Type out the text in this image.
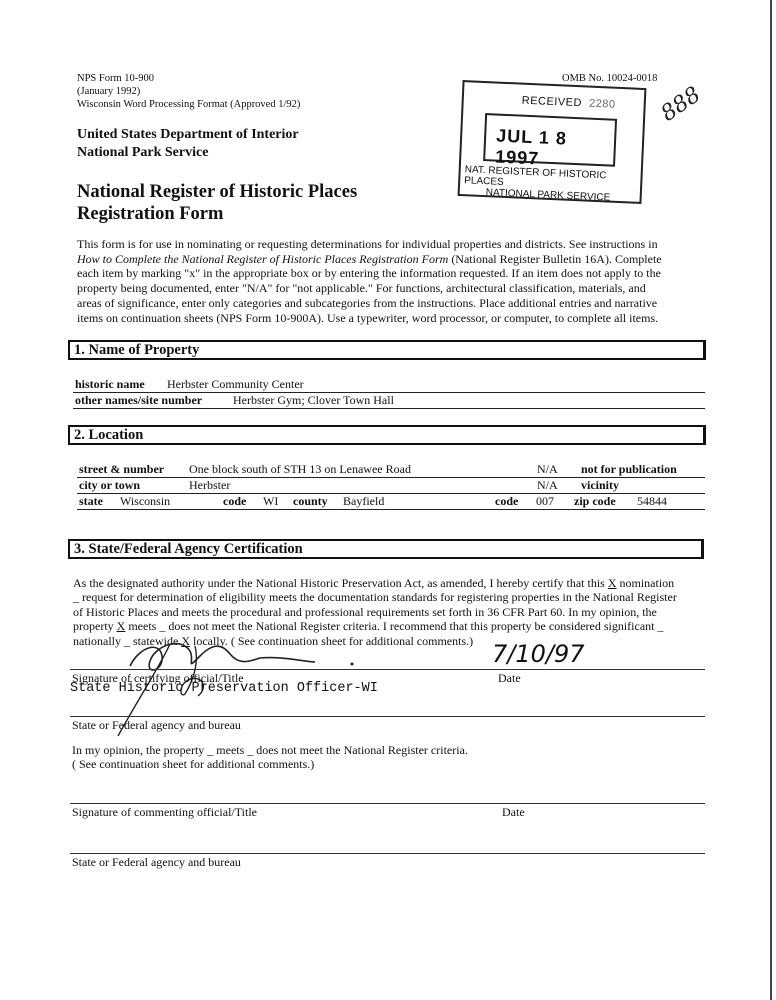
NPS Form 10-900
(January 1992)
Wisconsin Word Processing Format (Approved 1/92)
OMB No. 10024-0018
United States Department of Interior
National Park Service
National Register of Historic Places
Registration Form
RECEIVED 2280
JUL 1 8 1997
NAT. REGISTER OF HISTORIC PLACES
NATIONAL PARK SERVICE
888
This form is for use in nominating or requesting determinations for individual properties and districts. See instructions in
How to Complete the National Register of Historic Places Registration Form (National Register Bulletin 16A). Complete
each item by marking "x" in the appropriate box or by entering the information requested. If an item does not apply to the
property being documented, enter "N/A" for "not applicable." For functions, architectural classification, materials, and
areas of significance, enter only categories and subcategories from the instructions. Place additional entries and narrative
items on continuation sheets (NPS Form 10-900A). Use a typewriter, word processor, or computer, to complete all items.
1. Name of Property
historic name Herbster Community Center
other names/site number	Herbster Gym; Clover Town Hall
2. Location
street & number One block south of STH 13 on Lenawee Road	N/A not for publication
city or town	Herbster	N/A vicinity
state Wisconsin	code WI county Bayfield	code 007 zip code 54844
3. State/Federal Agency Certification
As the designated authority under the National Historic Preservation Act, as amended, I hereby certify that this X nomination
_ request for determination of eligibility meets the documentation standards for registering properties in the National Register
of Historic Places and meets the procedural and professional requirements set forth in 36 CFR Part 60. In my opinion, the
property X meets _ does not meet the National Register criteria. I recommend that this property be considered significant _
nationally _ statewide X locally. ( See continuation sheet for additional comments.) 7/10/97
Signature of certifying official/Title	Date
State Historic Preservation Officer-WI
State or Federal agency and bureau
In my opinion, the property _ meets _ does not meet the National Register criteria.
( See continuation sheet for additional comments.)
Signature of commenting official/Title	Date
State or Federal agency and bureau
